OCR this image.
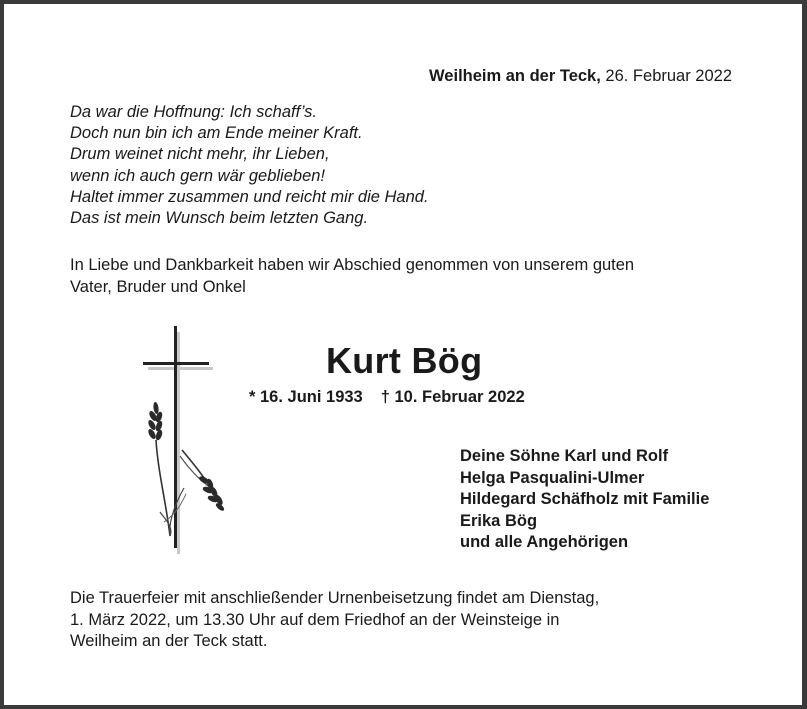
Weilheim an der Teck, 26. Februar 2022
Da war die Hoffnung: Ich schaff’s.
Doch nun bin ich am Ende meiner Kraft.
Drum weinet nicht mehr, ihr Lieben,
wenn ich auch gern wär geblieben!
Haltet immer zusammen und reicht mir die Hand.
Das ist mein Wunsch beim letzten Gang.
In Liebe und Dankbarkeit haben wir Abschied genommen von unserem guten
Vater, Bruder und Onkel
Kurt Bög
* 16. Juni 1933 † 10. Februar 2022
Deine Söhne Karl und Rolf
Helga Pasqualini-Ulmer
Hildegard Schäfholz mit Familie
Erika Bög
und alle Angehörigen
Die Trauerfeier mit anschließender Urnenbeisetzung findet am Dienstag,
1. März 2022, um 13.30 Uhr auf dem Friedhof an der Weinsteige in
Weilheim an der Teck statt.
